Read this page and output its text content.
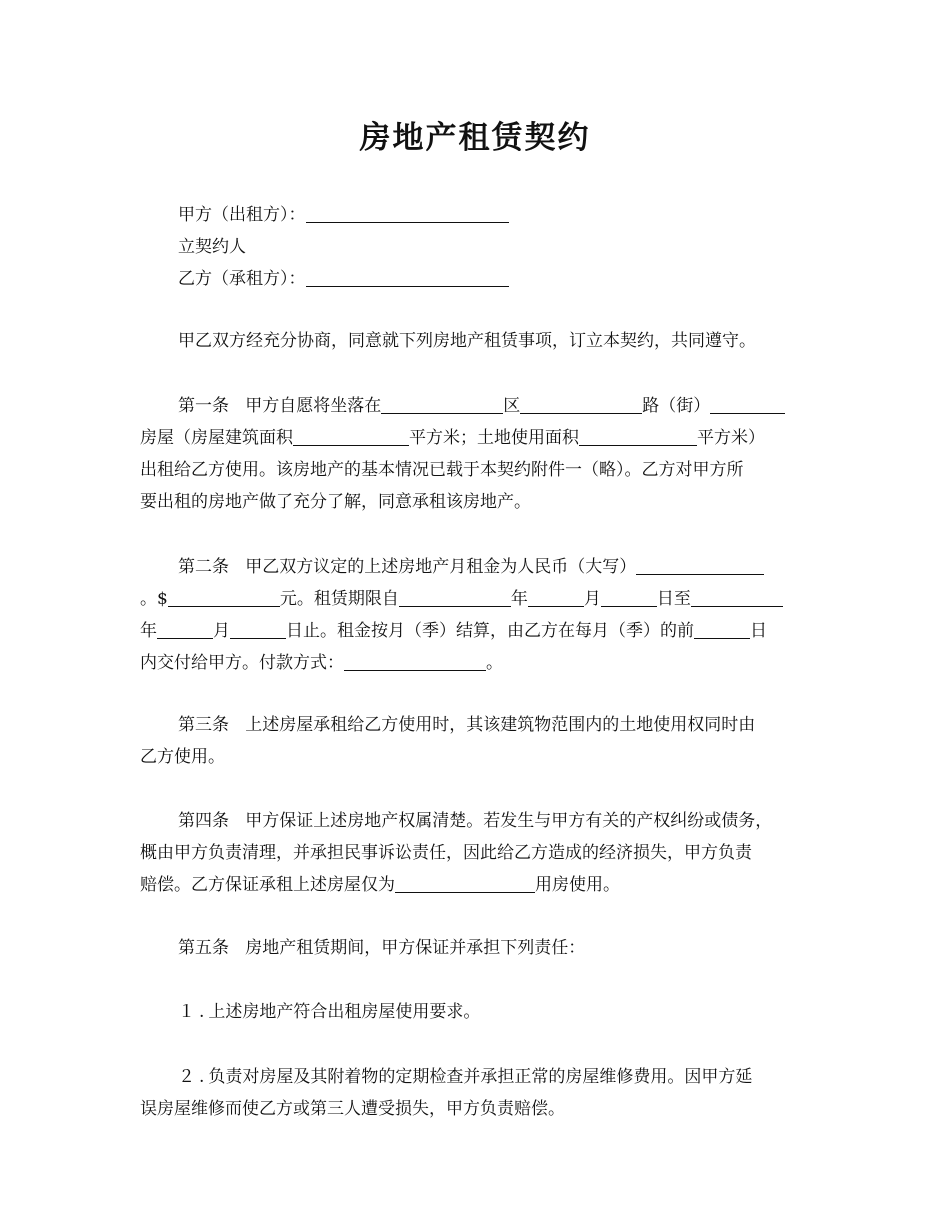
房地产租赁契约
甲方（出租方）：
立契约人
乙方（承租方）：
甲乙双方经充分协商，同意就下列房地产租赁事项，订立本契约，共同遵守。
第一条 甲方自愿将坐落在	区	路（街）
房屋（房屋建筑面积	平方米；土地使用面积	平方米）
出租给乙方使用。该房地产的基本情况已载于本契约附件一（略）。乙方对甲方所
要出租的房地产做了充分了解，同意承租该房地产。
第二条 甲乙双方议定的上述房地产月租金为人民币（大写）
。$	元。租赁期限自	年	月	日至
年	月	日止。租金按月（季）结算，由乙方在每月（季）的前	日
内交付给甲方。付款方式：	。
第三条 上述房屋承租给乙方使用时，其该建筑物范围内的土地使用权同时由
乙方使用。
第四条 甲方保证上述房地产权属清楚。若发生与甲方有关的产权纠纷或债务，
概由甲方负责清理，并承担民事诉讼责任，因此给乙方造成的经济损失，甲方负责
赔偿。乙方保证承租上述房屋仅为	用房使用。
第五条 房地产租赁期间，甲方保证并承担下列责任：
１.上述房地产符合出租房屋使用要求。
２.负责对房屋及其附着物的定期检查并承担正常的房屋维修费用。因甲方延
误房屋维修而使乙方或第三人遭受损失，甲方负责赔偿。
